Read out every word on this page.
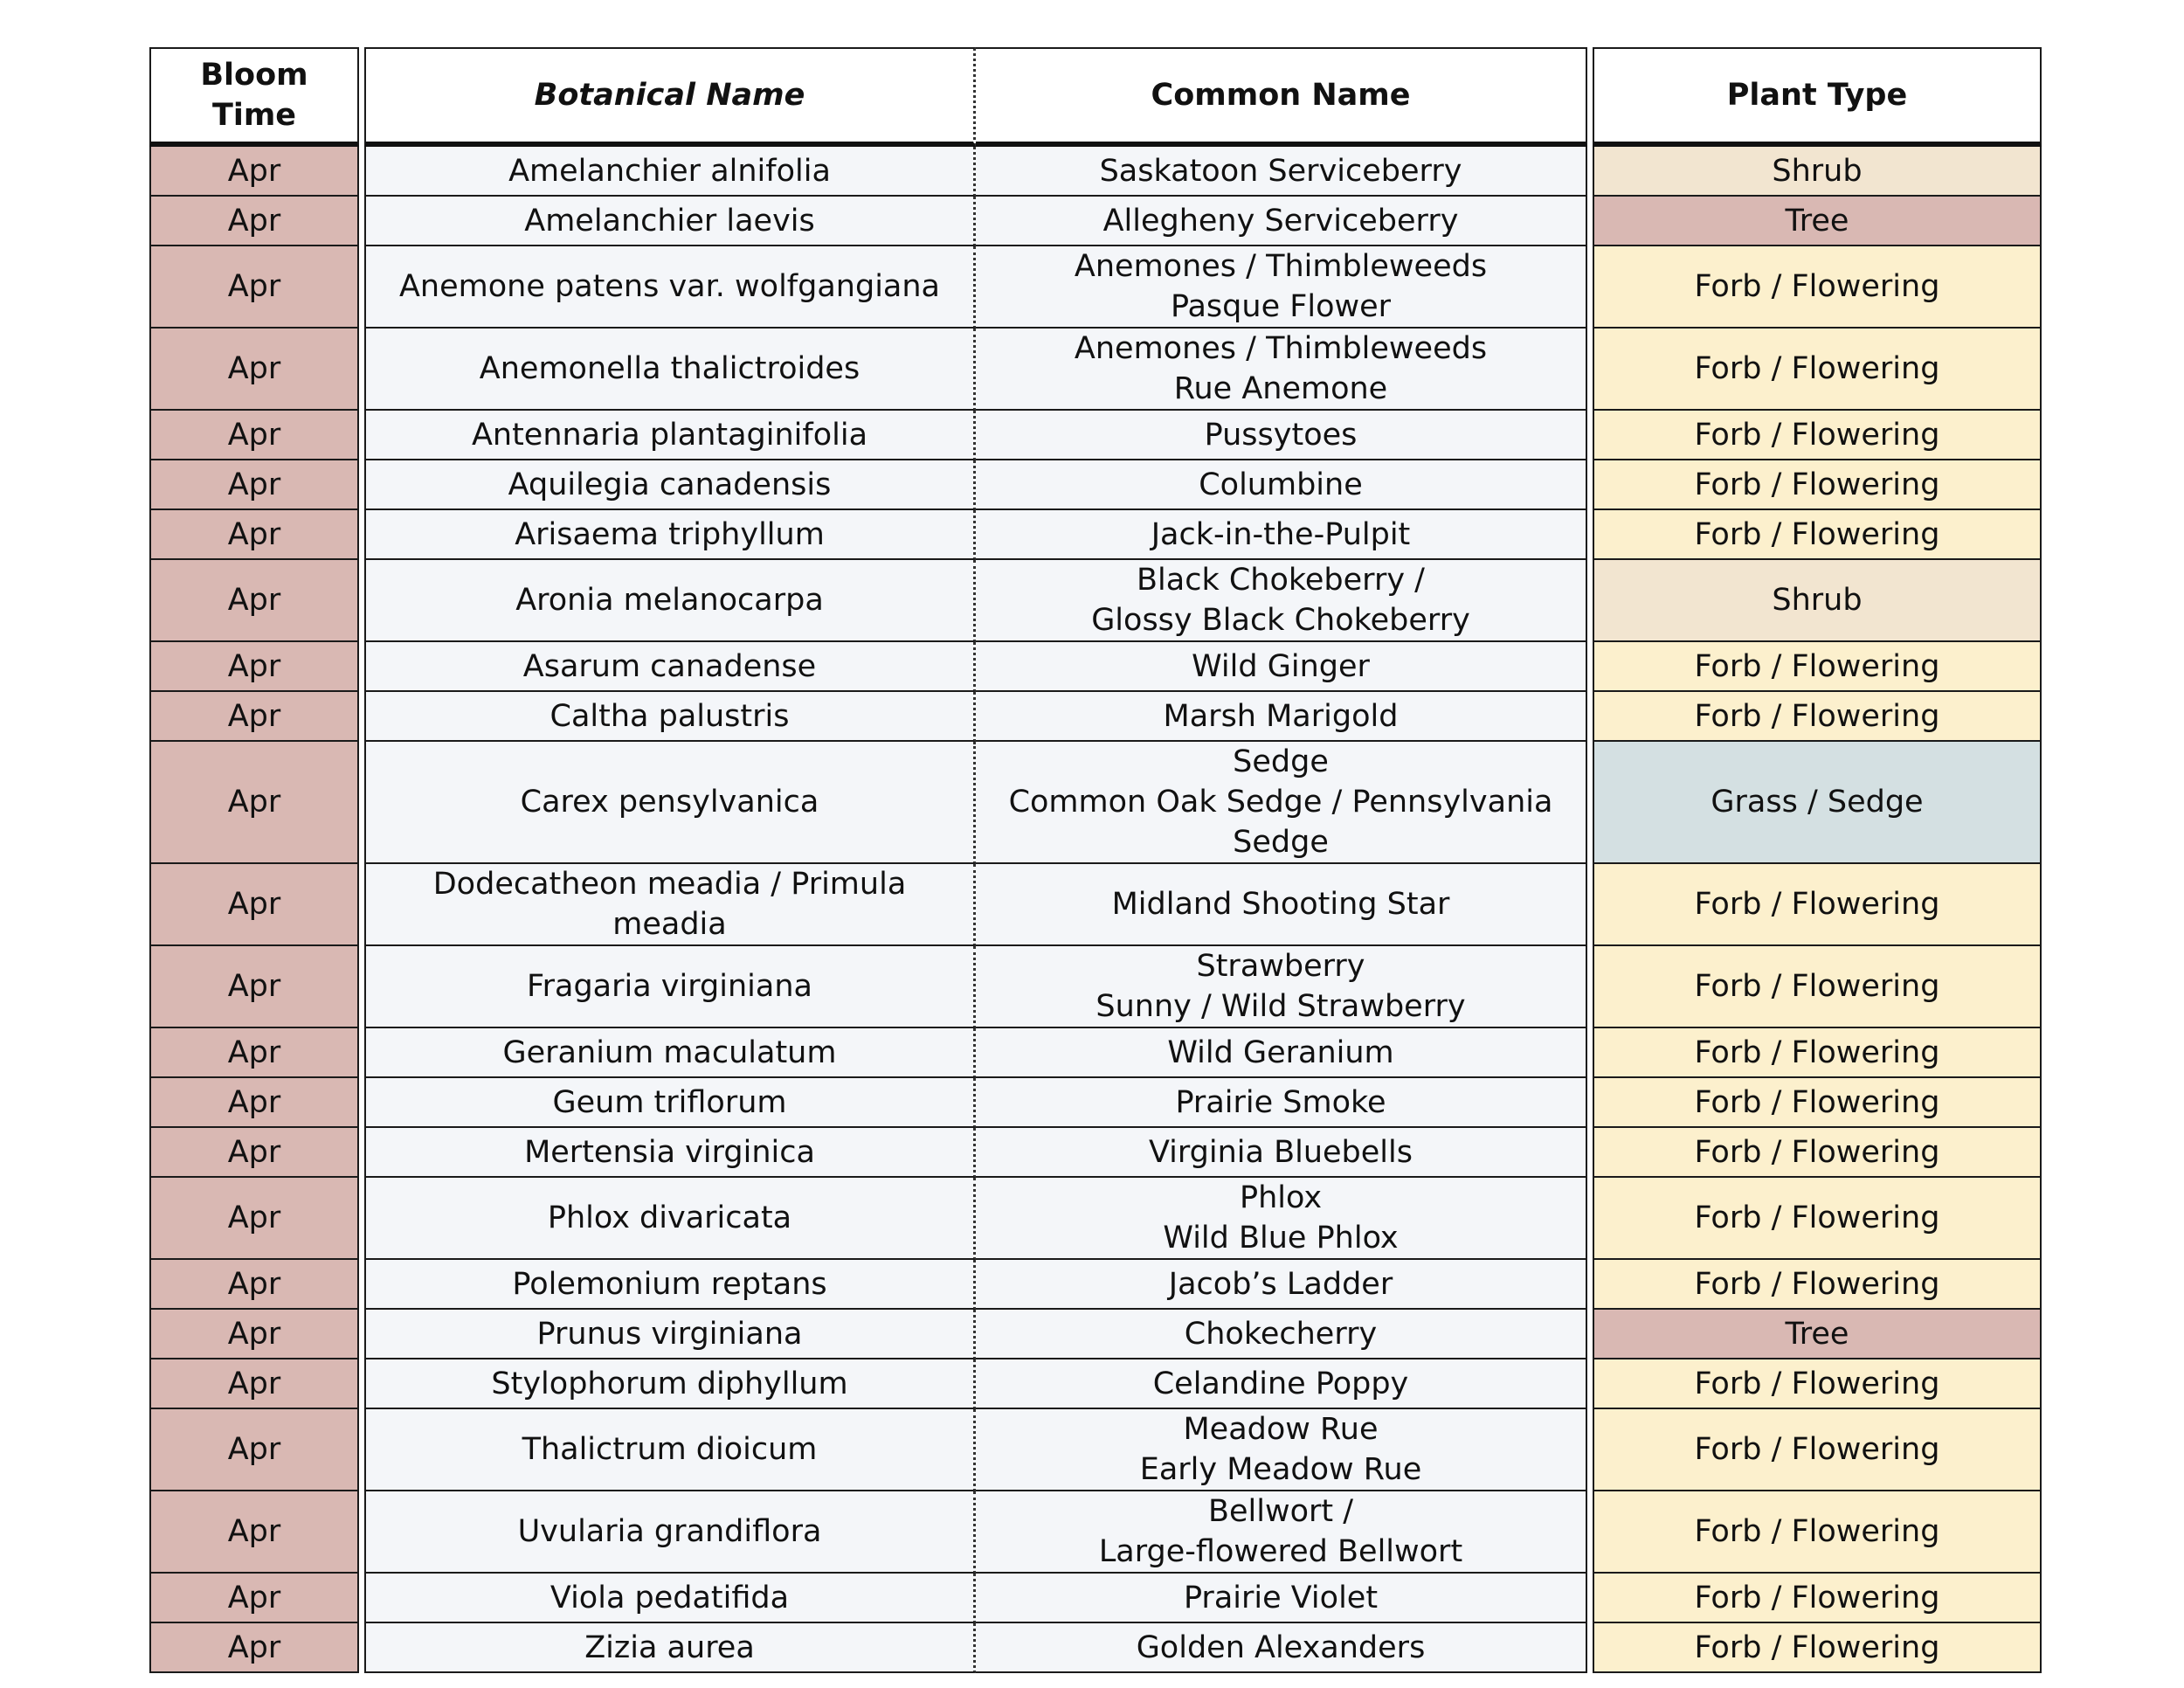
Bloom Time		Botanical Name	Common Name		Plant Type
Apr		Amelanchier alnifolia	Saskatoon Serviceberry		Shrub
Apr		Amelanchier laevis	Allegheny Serviceberry		Tree
Apr		Anemone patens var. wolfgangiana	Anemones / Thimbleweeds
Pasque Flower		Forb / Flowering
Apr		Anemonella thalictroides	Anemones / Thimbleweeds
Rue Anemone		Forb / Flowering
Apr		Antennaria plantaginifolia	Pussytoes		Forb / Flowering
Apr		Aquilegia canadensis	Columbine		Forb / Flowering
Apr		Arisaema triphyllum	Jack-in-the-Pulpit		Forb / Flowering
Apr		Aronia melanocarpa	Black Chokeberry /
Glossy Black Chokeberry		Shrub
Apr		Asarum canadense	Wild Ginger		Forb / Flowering
Apr		Caltha palustris	Marsh Marigold		Forb / Flowering
Apr		Carex pensylvanica	Sedge
Common Oak Sedge / Pennsylvania
Sedge		Grass / Sedge
Apr		Dodecatheon meadia / Primula meadia	Midland Shooting Star		Forb / Flowering
Apr		Fragaria virginiana	Strawberry
Sunny / Wild Strawberry		Forb / Flowering
Apr		Geranium maculatum	Wild Geranium		Forb / Flowering
Apr		Geum triflorum	Prairie Smoke		Forb / Flowering
Apr		Mertensia virginica	Virginia Bluebells		Forb / Flowering
Apr		Phlox divaricata	Phlox
Wild Blue Phlox		Forb / Flowering
Apr		Polemonium reptans	Jacob’s Ladder		Forb / Flowering
Apr		Prunus virginiana	Chokecherry		Tree
Apr		Stylophorum diphyllum	Celandine Poppy		Forb / Flowering
Apr		Thalictrum dioicum	Meadow Rue
Early Meadow Rue		Forb / Flowering
Apr		Uvularia grandiflora	Bellwort /
Large-flowered Bellwort		Forb / Flowering
Apr		Viola pedatifida	Prairie Violet		Forb / Flowering
Apr		Zizia aurea	Golden Alexanders		Forb / Flowering
